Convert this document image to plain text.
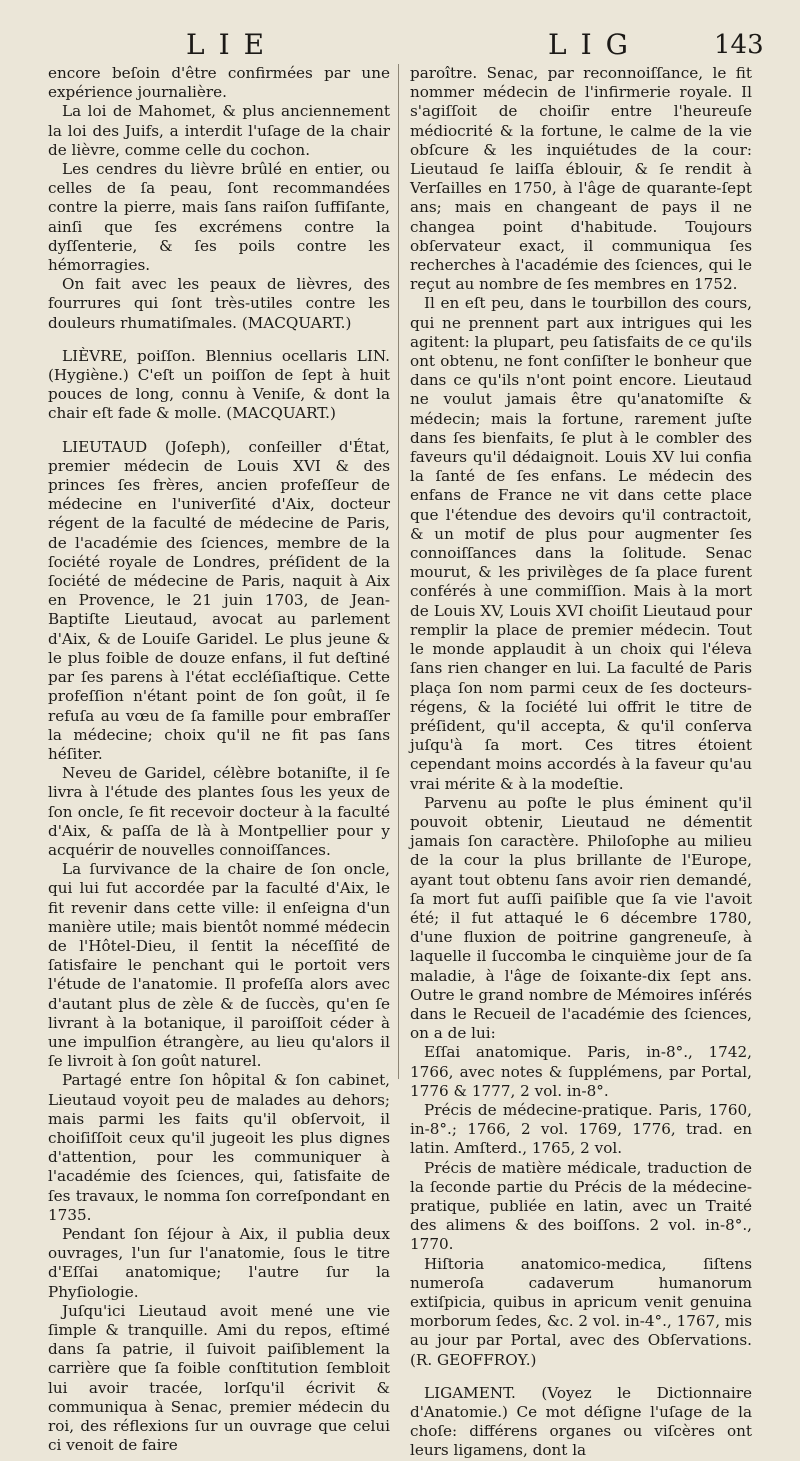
LIE	LIG	143

encore beſoin d'être confirmées par une expérience journalière.

La loi de Mahomet, & plus anciennement la loi des Juifs, a interdit l'uſage de la chair de lièvre, comme celle du cochon.

Les cendres du lièvre brûlé en entier, ou celles de ſa peau, ſont recommandées contre la pierre, mais ſans raiſon ſuffiſante, ainſi que ſes excrémens contre la dyſſenterie, & ſes poils contre les hémorragies.

On fait avec les peaux de lièvres, des fourrures qui ſont très-utiles contre les douleurs rhumatiſmales. (MACQUART.)

LIÈVRE, poiſſon. Blennius ocellaris LIN. (Hygiène.) C'eſt un poiſſon de ſept à huit pouces de long, connu à Veniſe, & dont la chair eſt fade & molle. (MACQUART.)

LIEUTAUD (Joſeph), conſeiller d'État, premier médecin de Louis XVI & des princes ſes frères, ancien profeſſeur de médecine en l'univerſité d'Aix, docteur régent de la faculté de médecine de Paris, de l'académie des ſciences, membre de la ſociété royale de Londres, préſident de la ſociété de médecine de Paris, naquit à Aix en Provence, le 21 juin 1703, de Jean-Baptiſte Lieutaud, avocat au parlement d'Aix, & de Louiſe Garidel. Le plus jeune & le plus foible de douze enfans, il fut deſtiné par ſes parens à l'état eccléſiaſtique. Cette profeſſion n'étant point de ſon goût, il ſe refuſa au vœu de ſa famille pour embraſſer la médecine; choix qu'il ne fit pas ſans héſiter.

Neveu de Garidel, célèbre botaniſte, il ſe livra à l'étude des plantes ſous les yeux de ſon oncle, ſe fit recevoir docteur à la faculté d'Aix, & paſſa de là à Montpellier pour y acquérir de nouvelles connoiſſances.

La ſurvivance de la chaire de ſon oncle, qui lui fut accordée par la faculté d'Aix, le fit revenir dans cette ville: il enſeigna d'un manière utile; mais bientôt nommé médecin de l'Hôtel-Dieu, il ſentit la néceſſité de ſatisfaire le penchant qui le portoit vers l'étude de l'anatomie. Il profeſſa alors avec d'autant plus de zèle & de ſuccès, qu'en ſe livrant à la botanique, il paroiſſoit céder à une impulſion étrangère, au lieu qu'alors il ſe livroit à ſon goût naturel.

Partagé entre ſon hôpital & ſon cabinet, Lieutaud voyoit peu de malades au dehors; mais parmi les faits qu'il obſervoit, il choiſiſſoit ceux qu'il jugeoit les plus dignes d'attention, pour les communiquer à l'académie des ſciences, qui, ſatisfaite de ſes travaux, le nomma ſon correſpondant en 1735.

Pendant ſon ſéjour à Aix, il publia deux ouvrages, l'un ſur l'anatomie, ſous le titre d'Eſſai anatomique; l'autre ſur la Phyſiologie.

Juſqu'ici Lieutaud avoit mené une vie ſimple & tranquille. Ami du repos, eſtimé dans ſa patrie, il ſuivoit paiſiblement la carrière que ſa foible conſtitution ſembloit lui avoir tracée, lorſqu'il écrivit & communiqua à Senac, premier médecin du roi, des réflexions ſur un ouvrage que celui ci venoit de faire

paroître. Senac, par reconnoiſſance, le fit nommer médecin de l'infirmerie royale. Il s'agiſſoit de choiſir entre l'heureuſe médiocrité & la fortune, le calme de la vie obſcure & les inquiétudes de la cour: Lieutaud ſe laiſſa éblouir, & ſe rendit à Verſailles en 1750, à l'âge de quarante-ſept ans; mais en changeant de pays il ne changea point d'habitude. Toujours obſervateur exact, il communiqua ſes recherches à l'académie des ſciences, qui le reçut au nombre de ſes membres en 1752.

Il en eſt peu, dans le tourbillon des cours, qui ne prennent part aux intrigues qui les agitent: la plupart, peu ſatisfaits de ce qu'ils ont obtenu, ne font conſiſter le bonheur que dans ce qu'ils n'ont point encore. Lieutaud ne voulut jamais être qu'anatomiſte & médecin; mais la fortune, rarement juſte dans ſes bienfaits, ſe plut à le combler des faveurs qu'il dédaignoit. Louis XV lui confia la ſanté de ſes enfans. Le médecin des enfans de France ne vit dans cette place que l'étendue des devoirs qu'il contractoit, & un motif de plus pour augmenter ſes connoiſſances dans la ſolitude. Senac mourut, & les privilèges de ſa place furent conférés à une commiſſion. Mais à la mort de Louis XV, Louis XVI choiſit Lieutaud pour remplir la place de premier médecin. Tout le monde applaudit à un choix qui l'éleva ſans rien changer en lui. La faculté de Paris plaça ſon nom parmi ceux de ſes docteurs-régens, & la ſociété lui offrit le titre de préſident, qu'il accepta, & qu'il conſerva juſqu'à ſa mort. Ces titres étoient cependant moins accordés à la faveur qu'au vrai mérite & à la modeſtie.

Parvenu au poſte le plus éminent qu'il pouvoit obtenir, Lieutaud ne démentit jamais ſon caractère. Philoſophe au milieu de la cour la plus brillante de l'Europe, ayant tout obtenu ſans avoir rien demandé, ſa mort fut auſſi paiſible que ſa vie l'avoit été; il fut attaqué le 6 décembre 1780, d'une fluxion de poitrine gangreneuſe, à laquelle il ſuccomba le cinquième jour de ſa maladie, à l'âge de ſoixante-dix ſept ans. Outre le grand nombre de Mémoires inſérés dans le Recueil de l'académie des ſciences, on a de lui:

Eſſai anatomique. Paris, in-8°., 1742, 1766, avec notes & ſupplémens, par Portal, 1776 & 1777, 2 vol. in-8°.

Précis de médecine-pratique. Paris, 1760, in-8°.; 1766, 2 vol. 1769, 1776, trad. en latin. Amſterd., 1765, 2 vol.

Précis de matière médicale, traduction de la ſeconde partie du Précis de la médecine-pratique, publiée en latin, avec un Traité des alimens & des boiſſons. 2 vol. in-8°., 1770.

Hiſtoria anatomico-medica, ſiſtens numeroſa cadaverum humanorum extiſpicia, quibus in apricum venit genuina morborum ſedes, &c. 2 vol. in-4°., 1767, mis au jour par Portal, avec des Obſervations. (R. GEOFFROY.)

LIGAMENT. (Voyez le Dictionnaire d'Anatomie.) Ce mot déſigne l'uſage de la choſe: différens organes ou viſcères ont leurs ligamens, dont la
